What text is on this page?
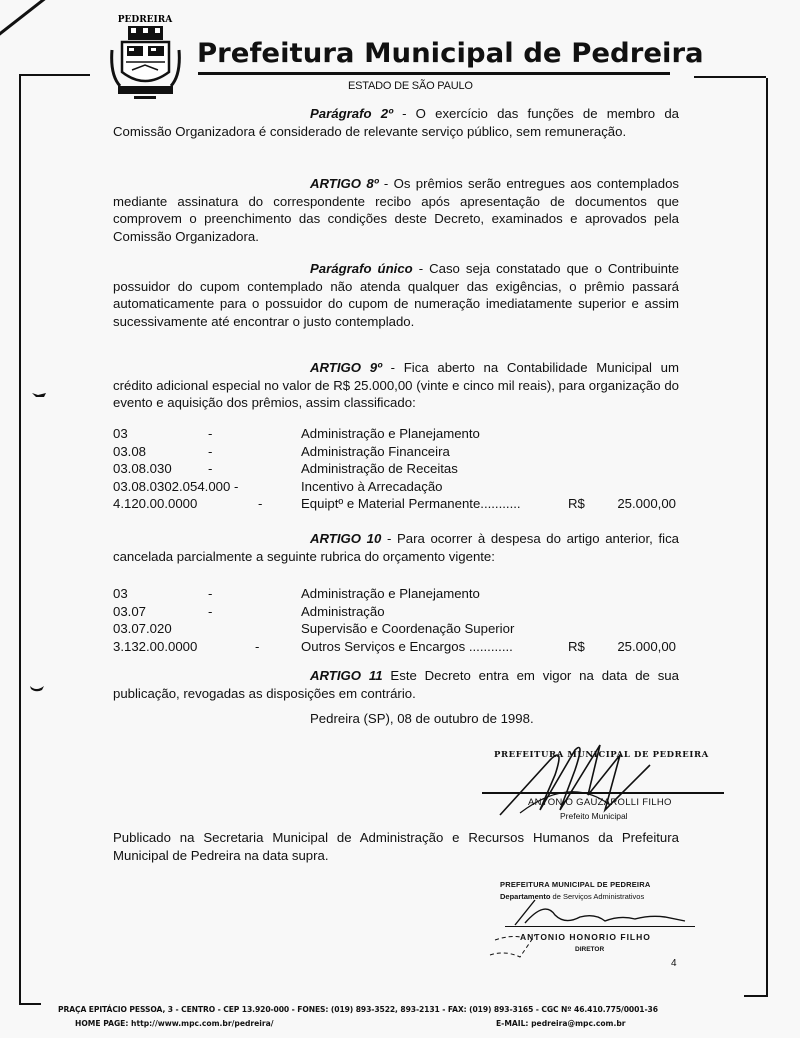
PEDREIRA
Prefeitura Municipal de Pedreira
ESTADO DE SÃO PAULO
Parágrafo 2º - O exercício das funções de membro da Comissão Organizadora é considerado de relevante serviço público, sem remuneração.
ARTIGO 8º - Os prêmios serão entregues aos contemplados mediante assinatura do correspondente recibo após apresentação de documentos que comprovem o preenchimento das condições deste Decreto, examinados e aprovados pela Comissão Organizadora.
Parágrafo único - Caso seja constatado que o Contribuinte possuidor do cupom contemplado não atenda qualquer das exigências, o prêmio passará automaticamente para o possuidor do cupom de numeração imediatamente superior e assim sucessivamente até encontrar o justo contemplado.
ARTIGO 9º - Fica aberto na Contabilidade Municipal um crédito adicional especial no valor de R$ 25.000,00 (vinte e cinco mil reais), para organização do evento e aquisição dos prêmios, assim classificado:
03	-	Administração e Planejamento
03.08	-	Administração Financeira
03.08.030	-	Administração de Receitas
03.08.0302.054.000 -	Incentivo à Arrecadação
4.120.00.0000	-	Equiptº e Material Permanente...........	R$ 25.000,00
ARTIGO 10 - Para ocorrer à despesa do artigo anterior, fica cancelada parcialmente a seguinte rubrica do orçamento vigente:
03	-	Administração e Planejamento
03.07	-	Administração
03.07.020	Supervisão e Coordenação Superior
3.132.00.0000	-	Outros Serviços e Encargos ............	R$ 25.000,00
ARTIGO 11 Este Decreto entra em vigor na data de sua publicação, revogadas as disposições em contrário.
Pedreira (SP), 08 de outubro de 1998.
PREFEITURA MUNICIPAL DE PEDREIRA
ANTONIO GAUZAROLLI FILHO
Prefeito Municipal
Publicado na Secretaria Municipal de Administração e Recursos Humanos da Prefeitura Municipal de Pedreira na data supra.
PREFEITURA MUNICIPAL DE PEDREIRA
Departamento de Serviços Administrativos
ANTONIO HONORIO FILHO
DIRETOR
4
PRAÇA EPITÁCIO PESSOA, 3 - CENTRO - CEP 13.920-000 - FONES: (019) 893-3522, 893-2131 - FAX: (019) 893-3165 - CGC Nº 46.410.775/0001-36
HOME PAGE: http://www.mpc.com.br/pedreira/	E-MAIL: pedreira@mpc.com.br
